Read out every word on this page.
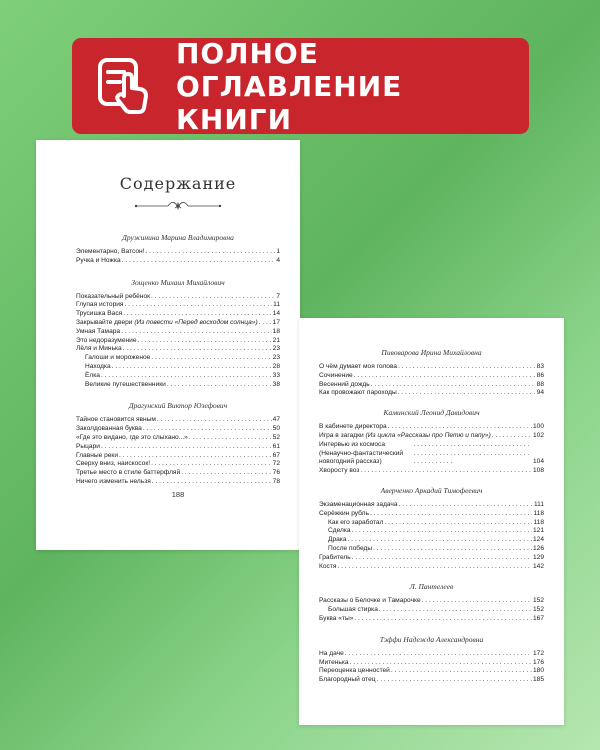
ПОЛНОЕ
ОГЛАВЛЕНИЕ КНИГИ
Содержание
Дружинина Марина Владимировна
Элементарно, Ватсон! . . .	1
Ручка и Ножка . . .	4
Зощенко Михаил Михайлович
Показательный ребёнок . . .	7
Глупая история . . .	11
Трусишка Вася . . .	14
Закрывайте двери (Из повести «Перед восходом солнца») . . . 17
Умная Тамара . . .	18
Это недоразумение . . .	21
Лёля и Минька . . .	23
Галоши и мороженое . . .	23
Находка . . .	28
Ёлка . . .	33
Великие путешественники . . .	38
Драгунский Виктор Юзефович
Тайное становится явным . . .	47
Заколдованная буква . . .	50
«Где это видано, где это слыхано...» . . .	52
Рыцари . . .	61
Главные реки . . .	67
Сверху вниз, наискосок! . . .	72
Третье место в стиле баттерфляй . . .	76
Ничего изменить нельзя . . .	78
188
Пивоварова Ирина Михайловна
О чём думает моя голова . . .	83
Сочинение . . .	86
Весенний дождь . . .	88
Как провожают пароходы . . .	94
Каминский Леонид Давидович
В кабинете директора . . .	100
Игра в загадки (Из цикла «Рассказы про Петю и папу») . . .	102
Интервью из космоса (Ненаучно-фантастический новогодний рассказ) . . .	104
Хворосту воз . . .	108
Аверченко Аркадий Тимофеевич
Экзаменационная задача . . .	111
Серёжкин рубль . . .	118
Как его заработал . . .	118
Сделка . . .	121
Драка . . .	124
После победы . . .	126
Грабитель . . .	129
Костя . . .	142
Л. Пантелеев
Рассказы о Белочке и Тамарочке . . .	152
Большая стирка . . .	152
Буква «ты» . . .	167
Тэффи Надежда Александровна
На даче . . .	172
Митенька . . .	176
Переоценка ценностей . . .	180
Благородный отец . . .	185
